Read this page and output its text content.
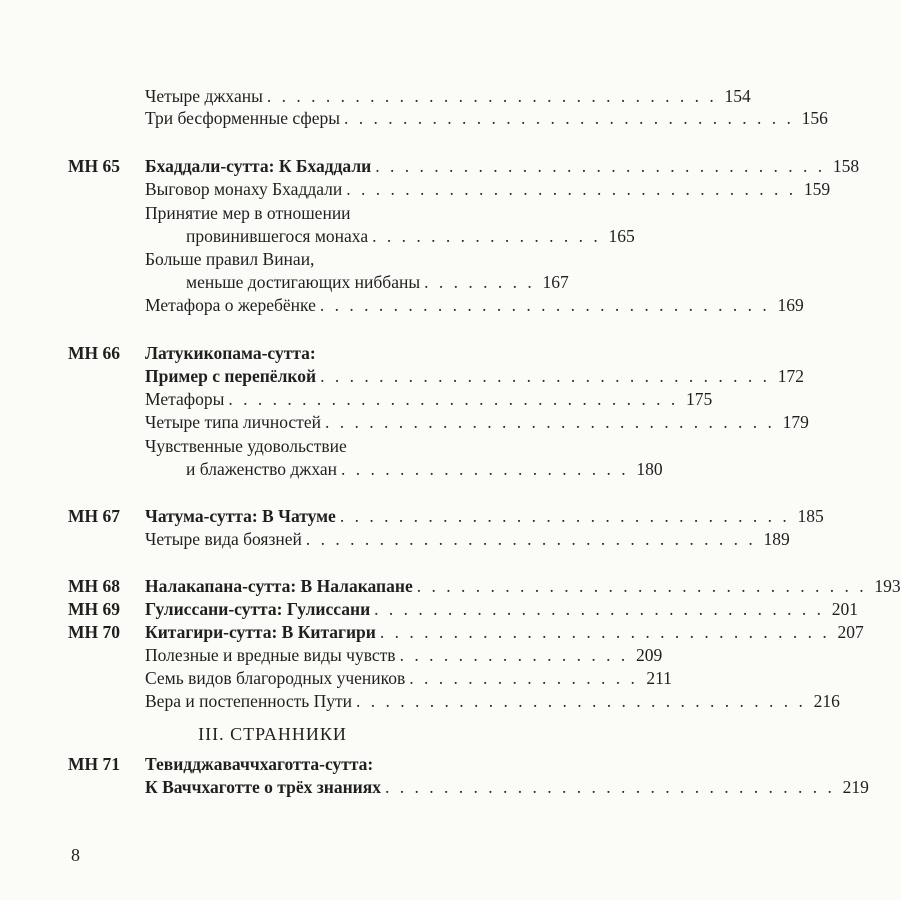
Четыре джханы . . . . . . . . . . . . . . . . . . . . . . . . . . . . . . . 154
Три бесформенные сферы . . . . . . . . . . . . . . . . . . . . . . . . . . . . . . . 156
МН 65 Бхаддали-сутта: К Бхаддали . . . . . . . . . . . . . . . . . . . . . . . . . . . . . . . 158
Выговор монаху Бхаддали . . . . . . . . . . . . . . . . . . . . . . . . . . . . . . . 159
Принятие мер в отношении
провинившегося монаха . . . . . . . . . . . . . . . . 165
Больше правил Винаи,
меньше достигающих ниббаны . . . . . . . . 167
Метафора о жеребёнке . . . . . . . . . . . . . . . . . . . . . . . . . . . . . . . 169
МН 66 Латукикопама-сутта:
Пример с перепёлкой . . . . . . . . . . . . . . . . . . . . . . . . . . . . . . . 172
Метафоры . . . . . . . . . . . . . . . . . . . . . . . . . . . . . . . 175
Четыре типа личностей . . . . . . . . . . . . . . . . . . . . . . . . . . . . . . . 179
Чувственные удовольствие
и блаженство джхан . . . . . . . . . . . . . . . . . . . . 180
МН 67 Чатума-сутта: В Чатуме . . . . . . . . . . . . . . . . . . . . . . . . . . . . . . . 185
Четыре вида боязней . . . . . . . . . . . . . . . . . . . . . . . . . . . . . . . 189
МН 68 Налакапана-сутта: В Налакапане . . . . . . . . . . . . . . . . . . . . . . . . . . . . . . . 193
МН 69 Гулиссани-сутта: Гулиссани . . . . . . . . . . . . . . . . . . . . . . . . . . . . . . . 201
МН 70 Китагири-сутта: В Китагири . . . . . . . . . . . . . . . . . . . . . . . . . . . . . . . 207
Полезные и вредные виды чувств . . . . . . . . . . . . . . . . 209
Семь видов благородных учеников . . . . . . . . . . . . . . . . 211
Вера и постепенность Пути . . . . . . . . . . . . . . . . . . . . . . . . . . . . . . . 216
III. СТРАННИКИ
МН 71 Тевидджаваччхаготта-сутта:
К Ваччхаготте о трёх знаниях . . . . . . . . . . . . . . . . . . . . . . . . . . . . . . . 219
8
